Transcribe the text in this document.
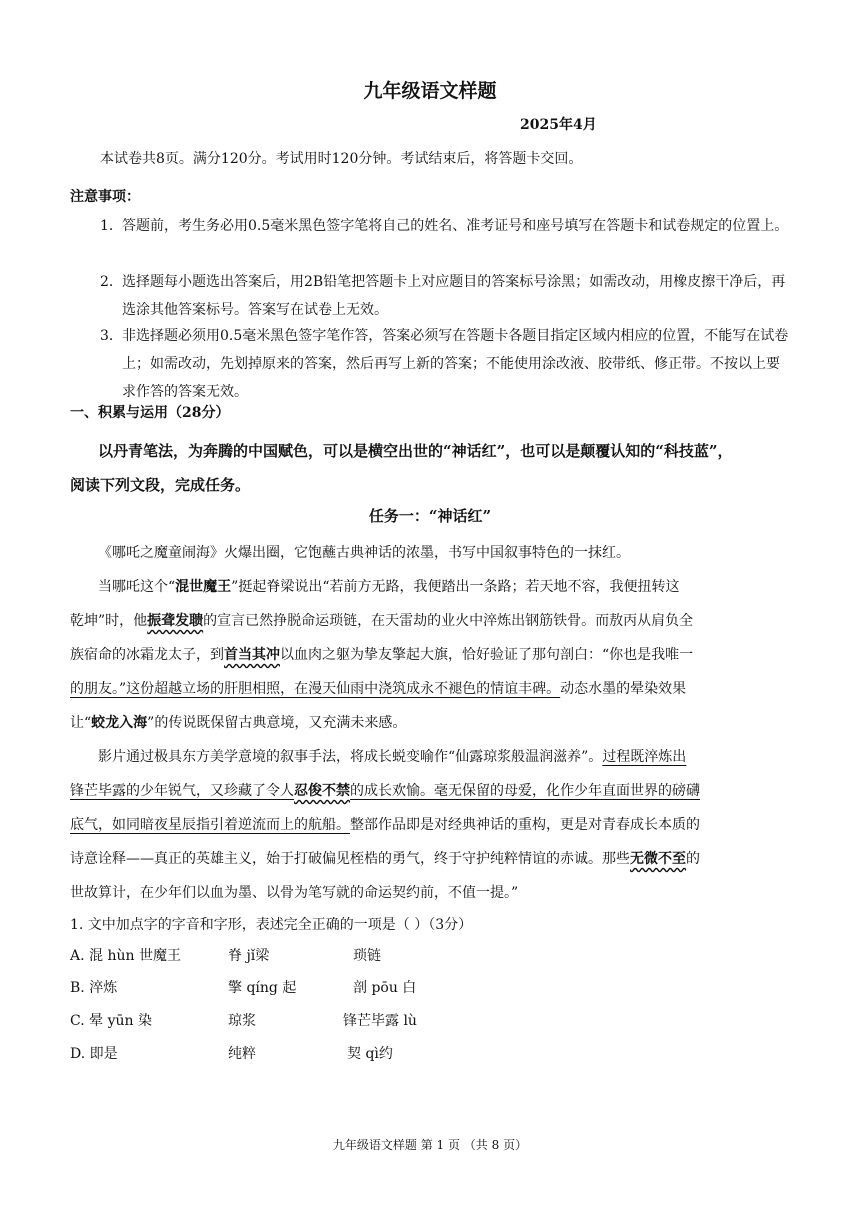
九年级语文样题
2025年4月
本试卷共8页。满分120分。考试用时120分钟。考试结束后，将答题卡交回。
注意事项：
1． 答题前，考生务必用0.5毫米黑色签字笔将自己的姓名、准考证号和座号填写在答题卡和试卷规定的位置上。
2． 选择题每小题选出答案后，用2B铅笔把答题卡上对应题目的答案标号涂黑；如需改动，用橡皮擦干净后，再选涂其他答案标号。答案写在试卷上无效。
3． 非选择题必须用0.5毫米黑色签字笔作答，答案必须写在答题卡各题目指定区域内相应的位置，不能写在试卷上；如需改动，先划掉原来的答案，然后再写上新的答案；不能使用涂改液、胶带纸、修正带。不按以上要求作答的答案无效。
一、积累与运用（28分）
以丹青笔法，为奔腾的中国赋色，可以是横空出世的“神话红”，也可以是颠覆认知的“科技蓝”，
阅读下列文段，完成任务。
任务一：“神话红”
《哪吒之魔童闹海》火爆出圈，它饱蘸古典神话的浓墨，书写中国叙事特色的一抹红。
当哪吒这个“混世魔王”挺起脊梁说出“若前方无路，我便踏出一条路；若天地不容，我便扭转这
乾坤”时，他振聋发聩的宣言已然挣脱命运琐链，在天雷劫的业火中淬炼出钢筋铁骨。而敖丙从肩负全
族宿命的冰霜龙太子，到首当其冲以血肉之躯为挚友擎起大旗，恰好验证了那句剖白：“你也是我唯一
的朋友。”这份超越立场的肝胆相照，在漫天仙雨中浇筑成永不褪色的情谊丰碑。动态水墨的晕染效果
让“蛟龙入海”的传说既保留古典意境，又充满未来感。
影片通过极具东方美学意境的叙事手法，将成长蜕变喻作“仙露琼浆般温润滋养”。过程既淬炼出
锋芒毕露的少年锐气，又珍藏了令人忍俊不禁的成长欢愉。毫无保留的母爱，化作少年直面世界的磅礴
底气，如同暗夜星辰指引着逆流而上的航船。整部作品即是对经典神话的重构，更是对青春成长本质的
诗意诠释——真正的英雄主义，始于打破偏见桎梏的勇气，终于守护纯粹情谊的赤诚。那些无微不至的
世故算计，在少年们以血为墨、以骨为笔写就的命运契约前，不值一提。”
1. 文中加点字的字音和字形，表述完全正确的一项是（ ）（3分）
A. 混 hùn 世魔王	脊 jǐ梁	琐链
B. 淬炼	擎 qíng 起	剖 pōu 白
C. 晕 yūn 染	琼浆	锋芒毕露 lù
D. 即是	纯粹	契 qì约
九年级语文样题 第 1 页 （共 8 页）
